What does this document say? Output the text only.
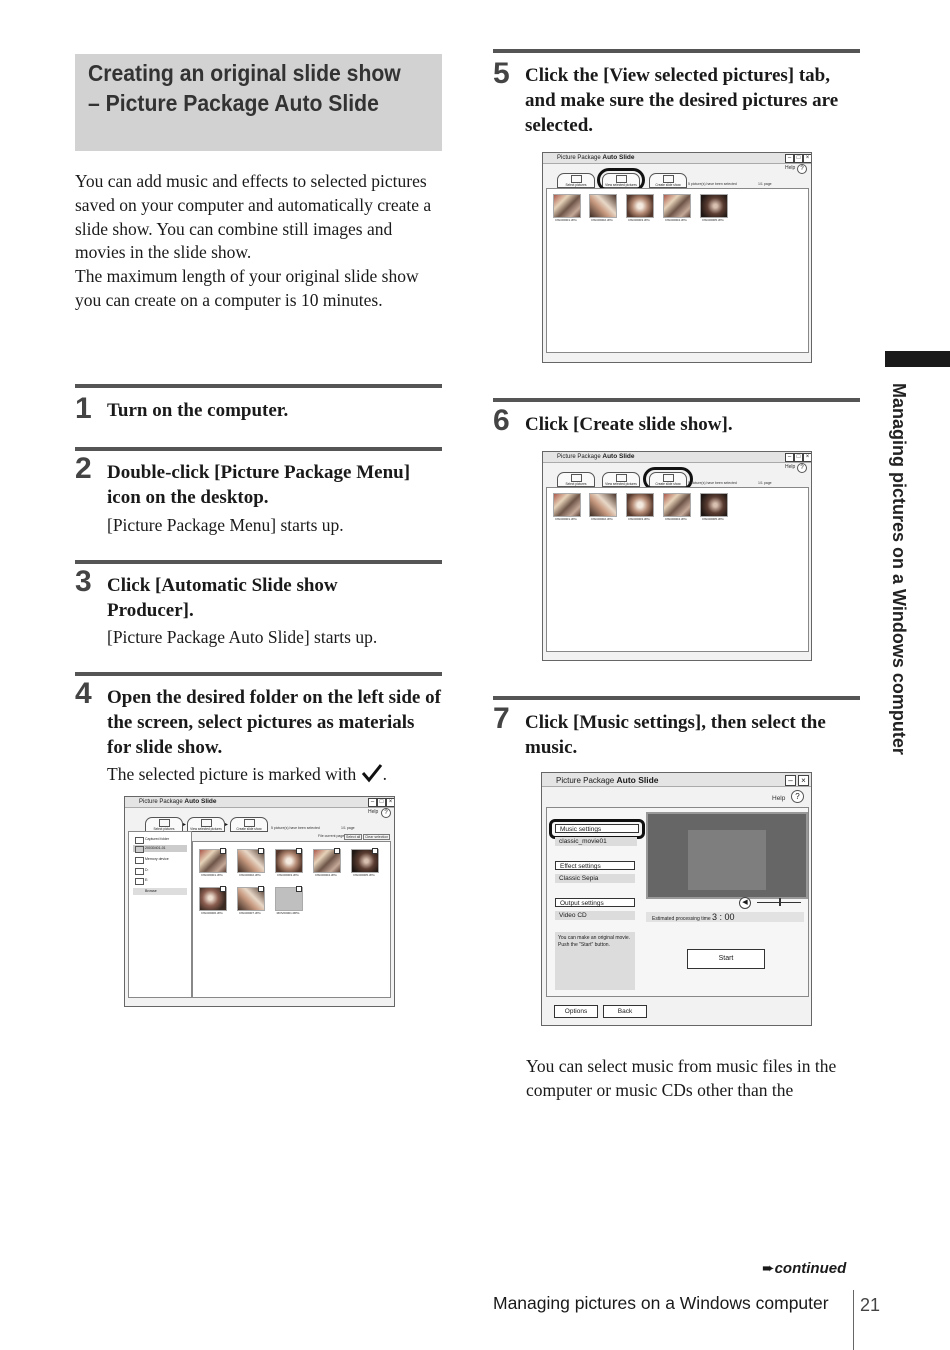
Creating an original slide show
– Picture Package Auto Slide

You can add music and effects to selected pictures saved on your computer and automatically create a slide show. You can combine still images and movies in the slide show.

The maximum length of your original slide show you can create on a computer is 10 minutes.

1 Turn on the computer.
2 Double-click [Picture Package Menu] icon on the desktop.
[Picture Package Menu] starts up.
3 Click [Automatic Slide show Producer].
[Picture Package Auto Slide] starts up.
4 Open the desired folder on the left side of the screen, select pictures as materials for slide show.
The selected picture is marked with .
Picture Package Auto Slide	– □ ×
Help	?
Select pictures
▸
View selected pictures
▸
Create slide show	5 picture(s) have been selected	1/1 page
File current page Select all	Clear selection
Captured folder
20030401-01
Memory device
D:
E:
Browse
DSC00001.JPG	DSC00002.JPG	DSC00003.JPG	DSC00004.JPG	DSC00005.JPG
DSC00006.JPG	DSC00007.JPG	MOV00001.MPG
5 Click the [View selected pictures] tab, and make sure the desired pictures are selected.
Picture Package Auto Slide	– □ ×
Help ?
Select pictures	View selected pictures	Create slide show	5 picture(s) have been selected	1/1 page
DSC00001.JPG	DSC00002.JPG	DSC00003.JPG	DSC00004.JPG	DSC00005.JPG
6 Click [Create slide show].
Picture Package Auto Slide	– □ ×
Help ?
Select pictures	View selected pictures	Create slide show	5 picture(s) have been selected	1/1 page
DSC00001.JPG	DSC00002.JPG	DSC00003.JPG	DSC00004.JPG	DSC00005.JPG
7 Click [Music settings], then select the music.
Picture Package Auto Slide	–	×
Help	?
Music settings
classic_movie01
Effect settings
Classic Sepia
Output settings
Video CD
You can make an original movie. Push the "Start" button.
◀
Estimated processing time 3 : 00
Start
Options	Back
You can select music from music files in the computer or music CDs other than the
Managing pictures on a Windows computer
➨continued
Managing pictures on a Windows computer 21
